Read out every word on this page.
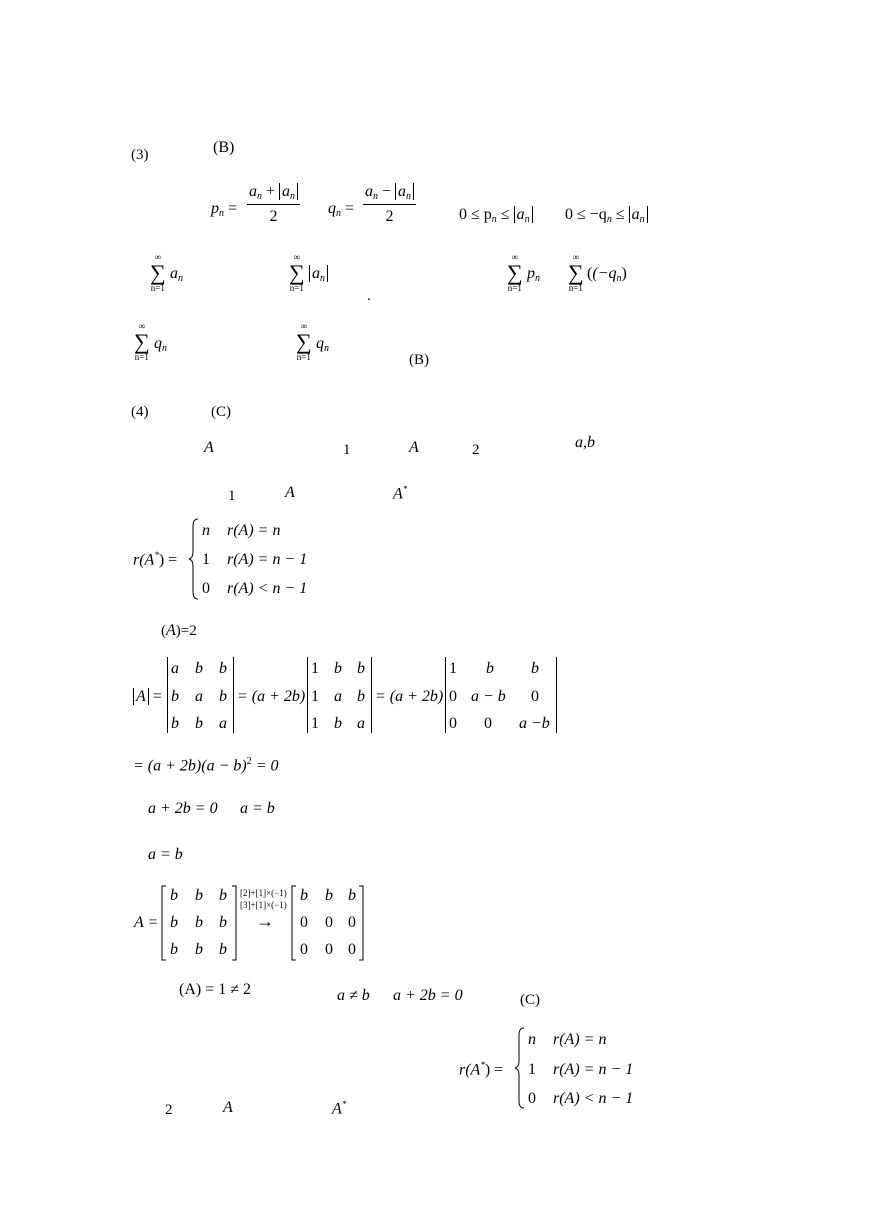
(3)	(B)
$p_n$ =
$a_n + a_n$
2	$q_n$ =
$a_n - a_n$
2	$0 \le p_n \le a_n$ $0 \le -q_n \le a_n$
∞
∑
n=1
$a_n$
∞
∑
n=1
$a_n$
.
∞
∑
n=1
$p_n$
∞
∑
n=1
($(-q_n)$
∞
∑
n=1
$q_n$
∞
∑
n=1
$q_n$
(B)
(4)	(C)
A	1	A	2	a,b
1	A	A*
r(A*) =
n r(A) = n
1 r(A) = n − 1
0 r(A) < n − 1
(A)=2
A =
a b b
b a b
b b a
= (a + 2b)
1 b b
1 a b
1 b a
= (a + 2b)
1 b b
0 a − b 0
0 0 a −b
= $(a + 2b)(a - b)^2 = 0$
a + 2b = 0 a = b
a = b
A =
b b b
b b b
b b b
[2]+[1]×(−1)
[3]+[1]×(−1)
→
b b b
0 0 0
0 0 0
(A) = 1 ≠ 2	a ≠ b a + 2b = 0	(C)
r(A*) =
n r(A) = n
1 r(A) = n − 1
0 r(A) < n − 1
2	A	A*
